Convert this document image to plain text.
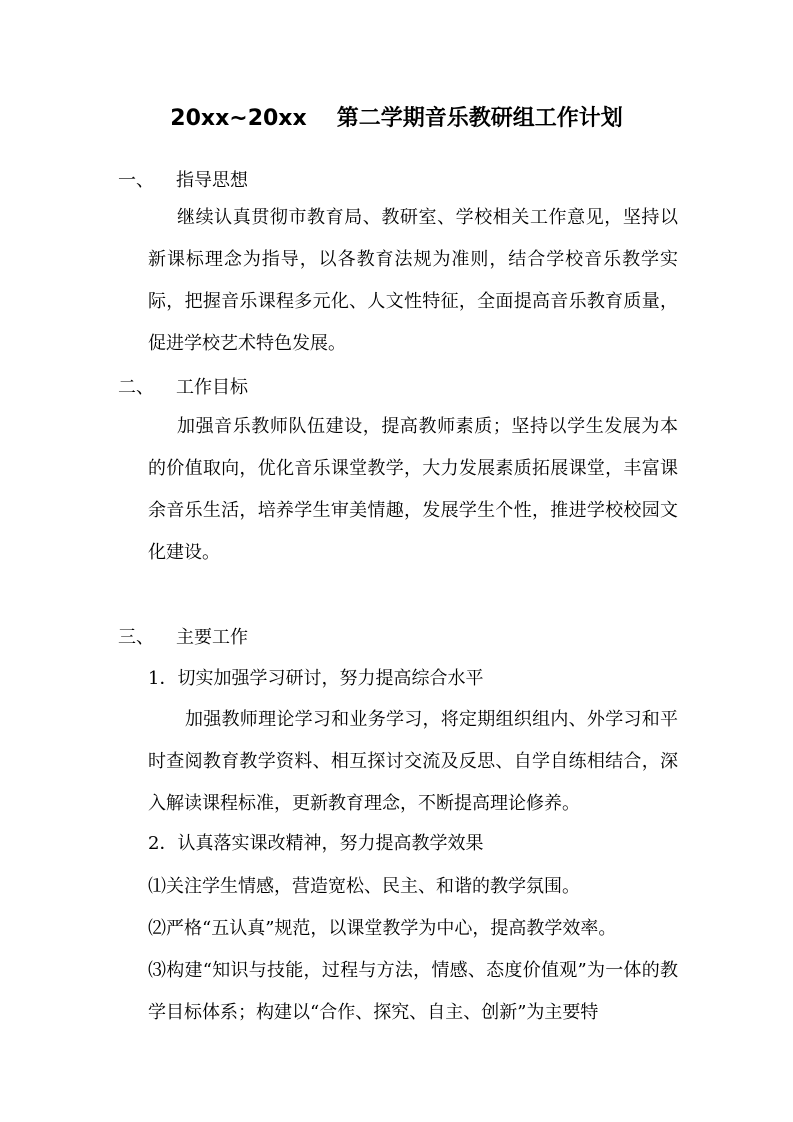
20xx~20xx 第二学期音乐教研组工作计划
一、 指导思想
继续认真贯彻市教育局、教研室、学校相关工作意见，坚持以新课标理念为指导，以各教育法规为准则，结合学校音乐教学实际，把握音乐课程多元化、人文性特征，全面提高音乐教育质量，促进学校艺术特色发展。
二、 工作目标
加强音乐教师队伍建设，提高教师素质；坚持以学生发展为本的价值取向，优化音乐课堂教学，大力发展素质拓展课堂，丰富课余音乐生活，培养学生审美情趣，发展学生个性，推进学校校园文化建设。
三、 主要工作
1．切实加强学习研讨，努力提高综合水平
加强教师理论学习和业务学习，将定期组织组内、外学习和平时查阅教育教学资料、相互探讨交流及反思、自学自练相结合，深入解读课程标准，更新教育理念，不断提高理论修养。
2．认真落实课改精神，努力提高教学效果
⑴关注学生情感，营造宽松、民主、和谐的教学氛围。
⑵严格“五认真”规范，以课堂教学为中心，提高教学效率。
⑶构建“知识与技能，过程与方法，情感、态度价值观”为一体的教学目标体系；构建以“合作、探究、自主、创新”为主要特
